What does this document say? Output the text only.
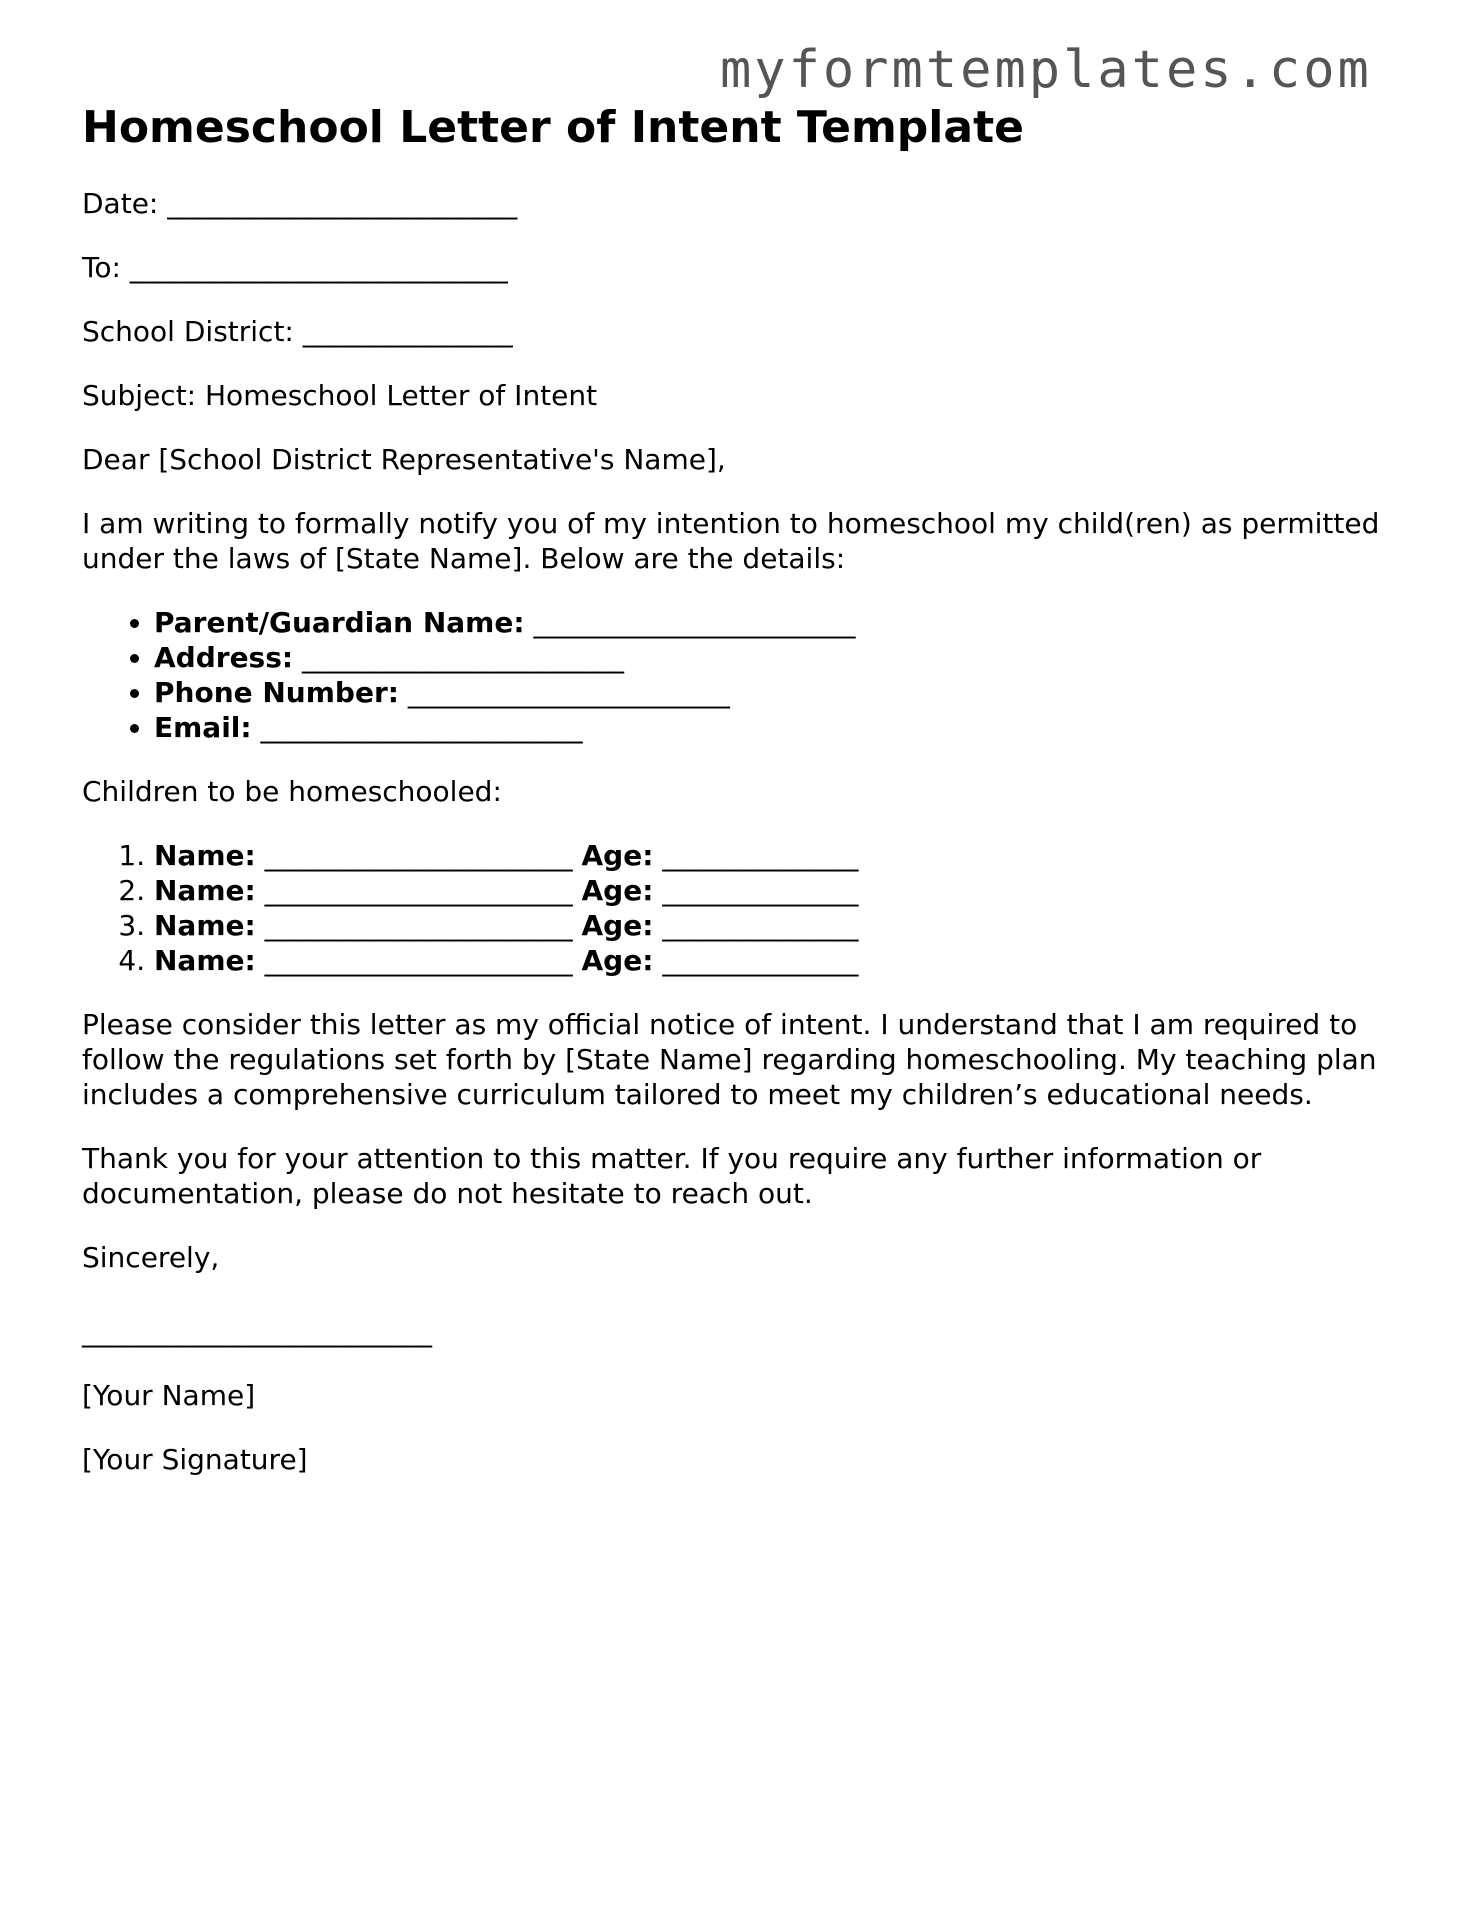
myformtemplates.com
Homeschool Letter of Intent Template

Date: _________________________

To: ___________________________

School District: _______________

Subject: Homeschool Letter of Intent

Dear [School District Representative's Name],

I am writing to formally notify you of my intention to homeschool my child(ren) as permitted under the laws of [State Name]. Below are the details:

• Parent/Guardian Name: _______________________
• Address: _______________________
• Phone Number: _______________________
• Email: _______________________

Children to be homeschooled:

1. Name: ______________________ Age: ______________
2. Name: ______________________ Age: ______________
3. Name: ______________________ Age: ______________
4. Name: ______________________ Age: ______________

Please consider this letter as my official notice of intent. I understand that I am required to follow the regulations set forth by [State Name] regarding homeschooling. My teaching plan includes a comprehensive curriculum tailored to meet my children’s educational needs.

Thank you for your attention to this matter. If you require any further information or documentation, please do not hesitate to reach out.

Sincerely,

_________________________

[Your Name]

[Your Signature]
